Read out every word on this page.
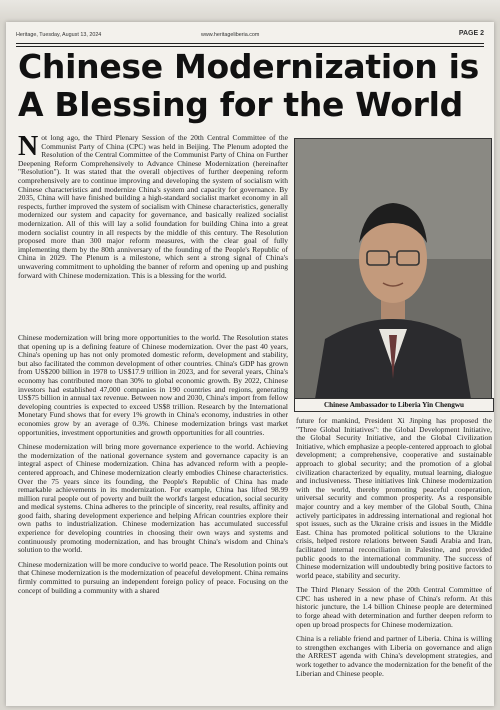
Heritage, Tuesday, August 13, 2024	www.heritageliberia.com	PAGE 2
Chinese Modernization is
A Blessing for the World
Not long ago, the Third Plenary Session of the 20th Central Committee of the Communist Party of China (CPC) was held in Beijing. The Plenum adopted the Resolution of the Central Committee of the Communist Party of China on Further Deepening Reform Comprehensively to Advance Chinese Modernization (hereinafter "Resolution"). It was stated that the overall objectives of further deepening reform comprehensively are to continue improving and developing the system of socialism with Chinese characteristics and modernize China's system and capacity for governance. By 2035, China will have finished building a high-standard socialist market economy in all respects, further improved the system of socialism with Chinese characteristics, generally modernized our system and capacity for governance, and basically realized socialist modernization. All of this will lay a solid foundation for building China into a great modern socialist country in all respects by the middle of this century. The Resolution proposed more than 300 major reform measures, with the clear goal of fully implementing them by the 80th anniversary of the founding of the People's Republic of China in 2029. The Plenum is a milestone, which sent a strong signal of China's unwavering commitment to upholding the banner of reform and opening up and pushing forward with Chinese modernization. This is a blessing for the world.
Chinese Ambassador to Liberia Yin Chengwu

Chinese modernization will bring more opportunities to the world. The Resolution states that opening up is a defining feature of Chinese modernization. Over the past 40 years, China's opening up has not only promoted domestic reform, development and stability, but also facilitated the common development of other countries. China's GDP has grown from US$200 billion in 1978 to US$17.9 trillion in 2023, and for several years, China's economy has contributed more than 30% to global economic growth. By 2022, Chinese investors had established 47,000 companies in 190 countries and regions, generating US$75 billion in annual tax revenue. Between now and 2030, China's import from fellow developing countries is expected to exceed US$8 trillion. Research by the International Monetary Fund shows that for every 1% growth in China's economy, industries in other economies grow by an average of 0.3%. Chinese modernization brings vast market opportunities, investment opportunities and growth opportunities for all countries.

Chinese modernization will bring more governance experience to the world. Achieving the modernization of the national governance system and governance capacity is an integral aspect of Chinese modernization. China has advanced reform with a people-centered approach, and Chinese modernization clearly embodies Chinese characteristics. Over the 75 years since its founding, the People's Republic of China has made remarkable achievements in its modernization. For example, China has lifted 98.99 million rural people out of poverty and built the world's largest education, social security and medical systems. China adheres to the principle of sincerity, real results, affinity and good faith, sharing development experience and helping African countries explore their own paths to industrialization. Chinese modernization has accumulated successful experience for developing countries in choosing their own ways and systems and continuously promoting modernization, and has brought China's wisdom and China's solution to the world.

Chinese modernization will be more conducive to world peace. The Resolution points out that Chinese modernization is the modernization of peaceful development. China remains firmly committed to pursuing an independent foreign policy of peace. Focusing on the concept of building a community with a shared

future for mankind, President Xi Jinping has proposed the "Three Global Initiatives": the Global Development Initiative, the Global Security Initiative, and the Global Civilization Initiative, which emphasize a people-centered approach to global development; a comprehensive, cooperative and sustainable approach to global security; and the promotion of a global civilization characterized by equality, mutual learning, dialogue and inclusiveness. These initiatives link Chinese modernization with the world, thereby promoting peaceful cooperation, universal security and common prosperity. As a responsible major country and a key member of the Global South, China actively participates in addressing international and regional hot spot issues, such as the Ukraine crisis and issues in the Middle East. China has promoted political solutions to the Ukraine crisis, helped restore relations between Saudi Arabia and Iran, facilitated internal reconciliation in Palestine, and provided public goods to the international community. The success of Chinese modernization will undoubtedly bring positive factors to world peace, stability and security.

The Third Plenary Session of the 20th Central Committee of CPC has ushered in a new phase of China's reform. At this historic juncture, the 1.4 billion Chinese people are determined to forge ahead with determination and further deepen reform to open up broad prospects for Chinese modernization.

China is a reliable friend and partner of Liberia. China is willing to strengthen exchanges with Liberia on governance and align the ARREST agenda with China's development strategies, and work together to advance the modernization for the benefit of the Liberian and Chinese people.
